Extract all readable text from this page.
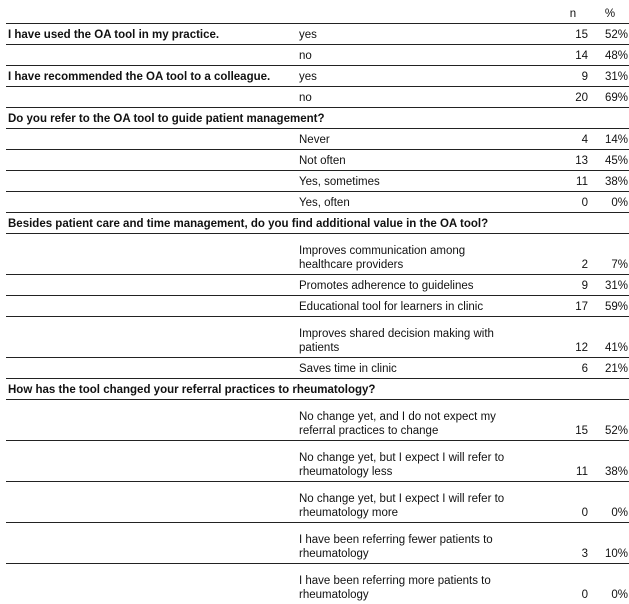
		n	%
I have used the OA tool in my practice.	yes	15	52%
	no	14	48%
I have recommended the OA tool to a colleague.	yes	9	31%
	no	20	69%
Do you refer to the OA tool to guide patient management?			
	Never	4	14%
	Not often	13	45%
	Yes, sometimes	11	38%
	Yes, often	0	0%
Besides patient care and time management, do you find additional value in the OA tool?			
	Improves communication among healthcare providers	2	7%
	Promotes adherence to guidelines	9	31%
	Educational tool for learners in clinic	17	59%
	Improves shared decision making with patients	12	41%
	Saves time in clinic	6	21%
How has the tool changed your referral practices to rheumatology?			
	No change yet, and I do not expect my referral practices to change	15	52%
	No change yet, but I expect I will refer to rheumatology less	11	38%
	No change yet, but I expect I will refer to rheumatology more	0	0%
	I have been referring fewer patients to rheumatology	3	10%
	I have been referring more patients to rheumatology	0	0%
